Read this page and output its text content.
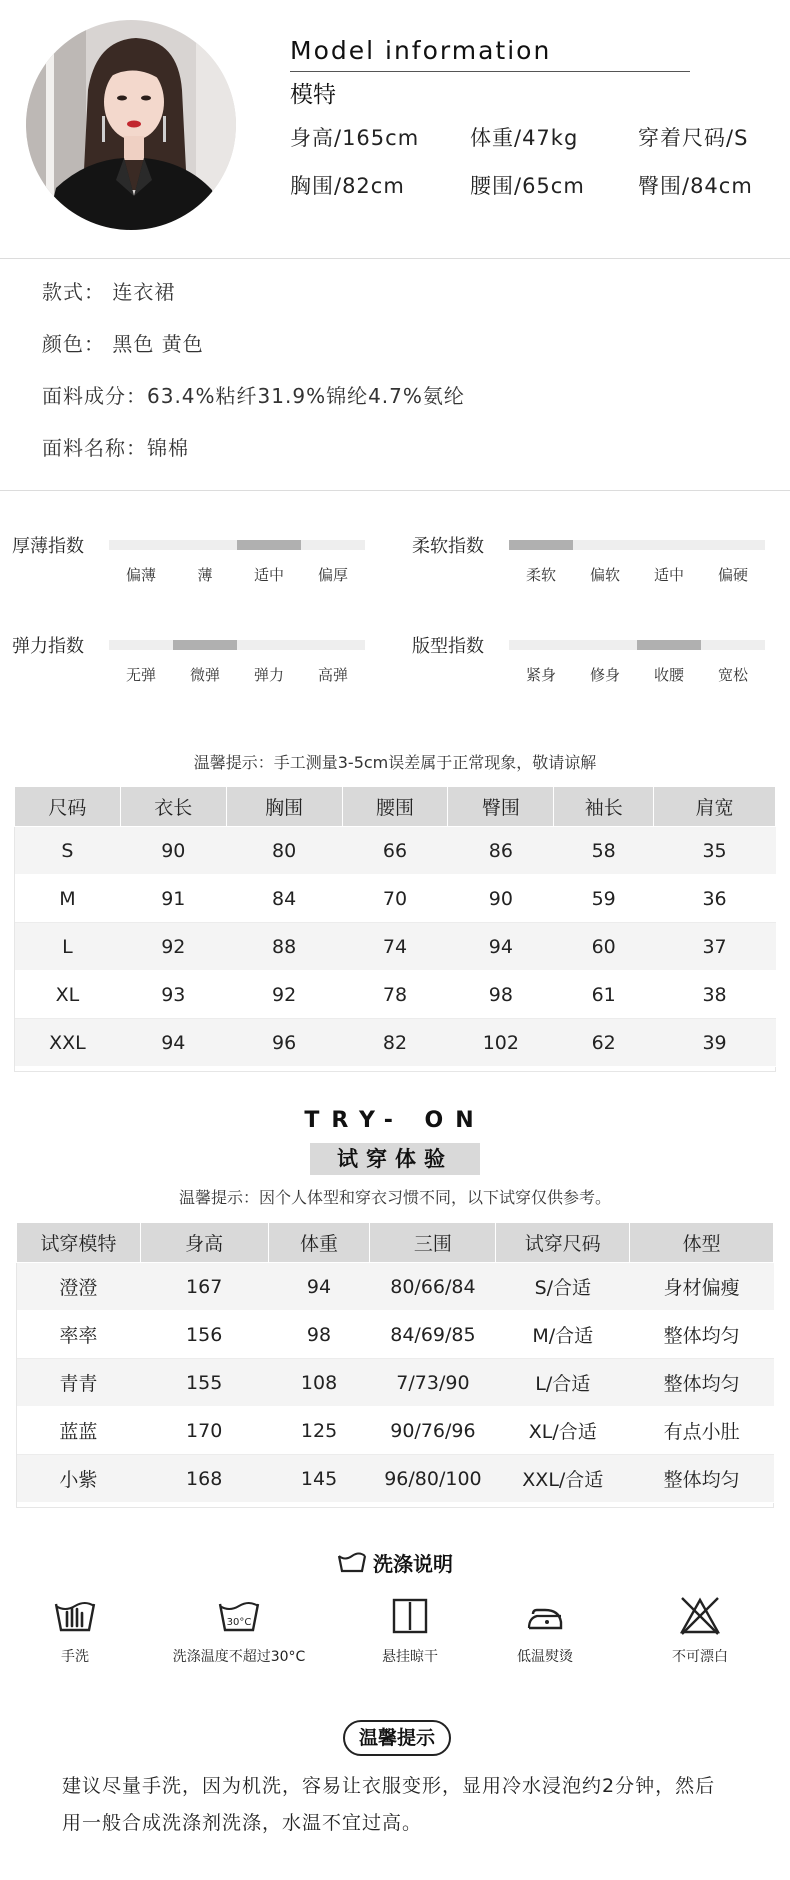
Model information
模特
身高/165cm	体重/47kg	穿着尺码/S
胸围/82cm	腰围/65cm	臀围/84cm
款式： 连衣裙
颜色： 黑色 黄色
面料成分：63.4%粘纤31.9%锦纶4.7%氨纶
面料名称：锦棉
厚薄指数
偏薄	薄	适中	偏厚
柔软指数
柔软	偏软	适中	偏硬
弹力指数
无弹	微弹	弹力	高弹
版型指数
紧身	修身	收腰	宽松
温馨提示：手工测量3-5cm误差属于正常现象，敬请谅解
尺码	衣长	胸围	腰围	臀围	袖长	肩宽
S	90	80	66	86	58	35
M	91	84	70	90	59	36
L	92	88	74	94	60	37
XL	93	92	78	98	61	38
XXL	94	96	82	102	62	39
TRY- ON
试穿体验
温馨提示：因个人体型和穿衣习惯不同，以下试穿仅供参考。
试穿模特	身高	体重	三围	试穿尺码	体型
澄澄	167	94	80/66/84	S/合适	身材偏瘦
率率	156	98	84/69/85	M/合适	整体均匀
青青	155	108	7/73/90	L/合适	整体均匀
蓝蓝	170	125	90/76/96	XL/合适	有点小肚
小紫	168	145	96/80/100	XXL/合适	整体均匀
洗涤说明
手洗
30°C
洗涤温度不超过30°C	悬挂晾干	低温熨烫	不可漂白
温馨提示
建议尽量手洗，因为机洗，容易让衣服变形，显用冷水浸泡约2分钟，然后
用一般合成洗涤剂洗涤，水温不宜过高。
